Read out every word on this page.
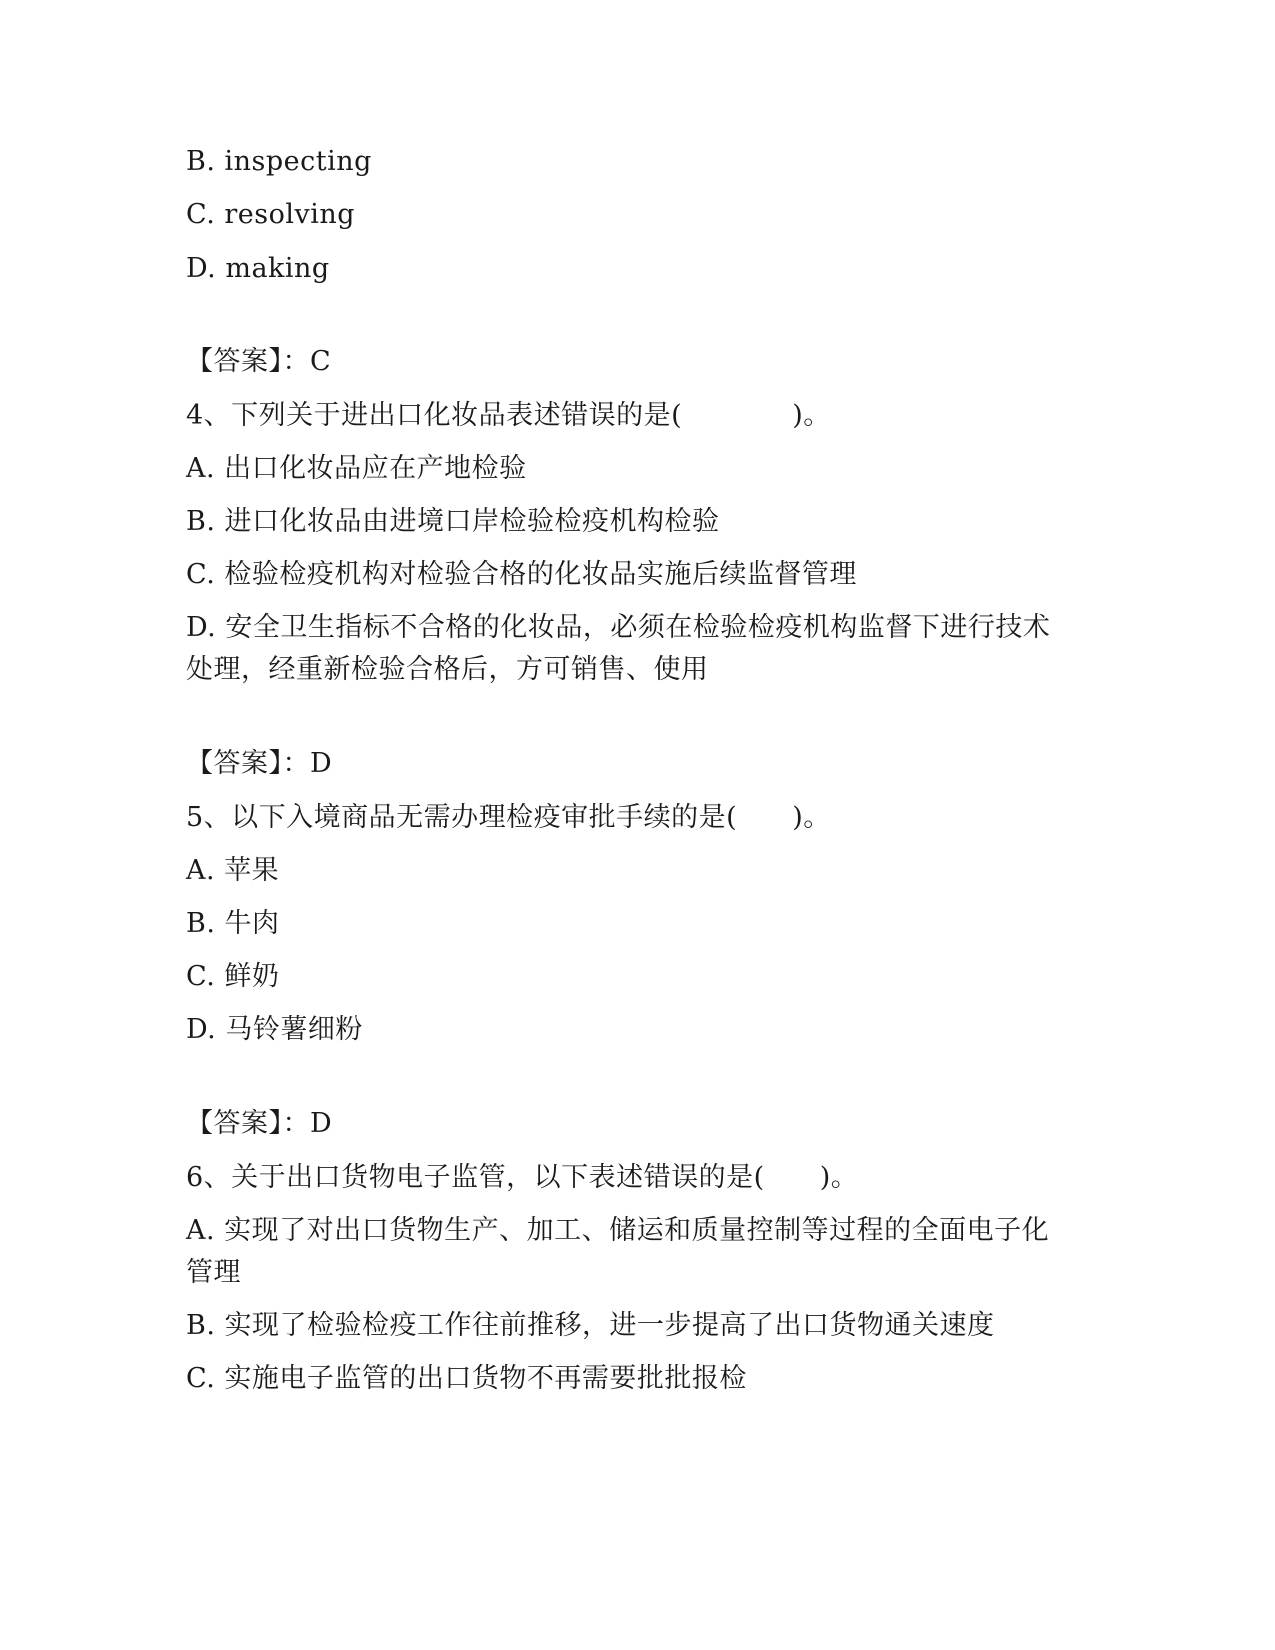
B. inspecting
C. resolving
D. making
【答案】：C
4、下列关于进出口化妆品表述错误的是(　　　　)。
A. 出口化妆品应在产地检验
B. 进口化妆品由进境口岸检验检疫机构检验
C. 检验检疫机构对检验合格的化妆品实施后续监督管理
D. 安全卫生指标不合格的化妆品，必须在检验检疫机构监督下进行技术处理，经重新检验合格后，方可销售、使用
【答案】：D
5、以下入境商品无需办理检疫审批手续的是(　　)。
A. 苹果
B. 牛肉
C. 鲜奶
D. 马铃薯细粉
【答案】：D
6、关于出口货物电子监管，以下表述错误的是(　　)。
A. 实现了对出口货物生产、加工、储运和质量控制等过程的全面电子化管理
B. 实现了检验检疫工作往前推移，进一步提高了出口货物通关速度
C. 实施电子监管的出口货物不再需要批批报检
